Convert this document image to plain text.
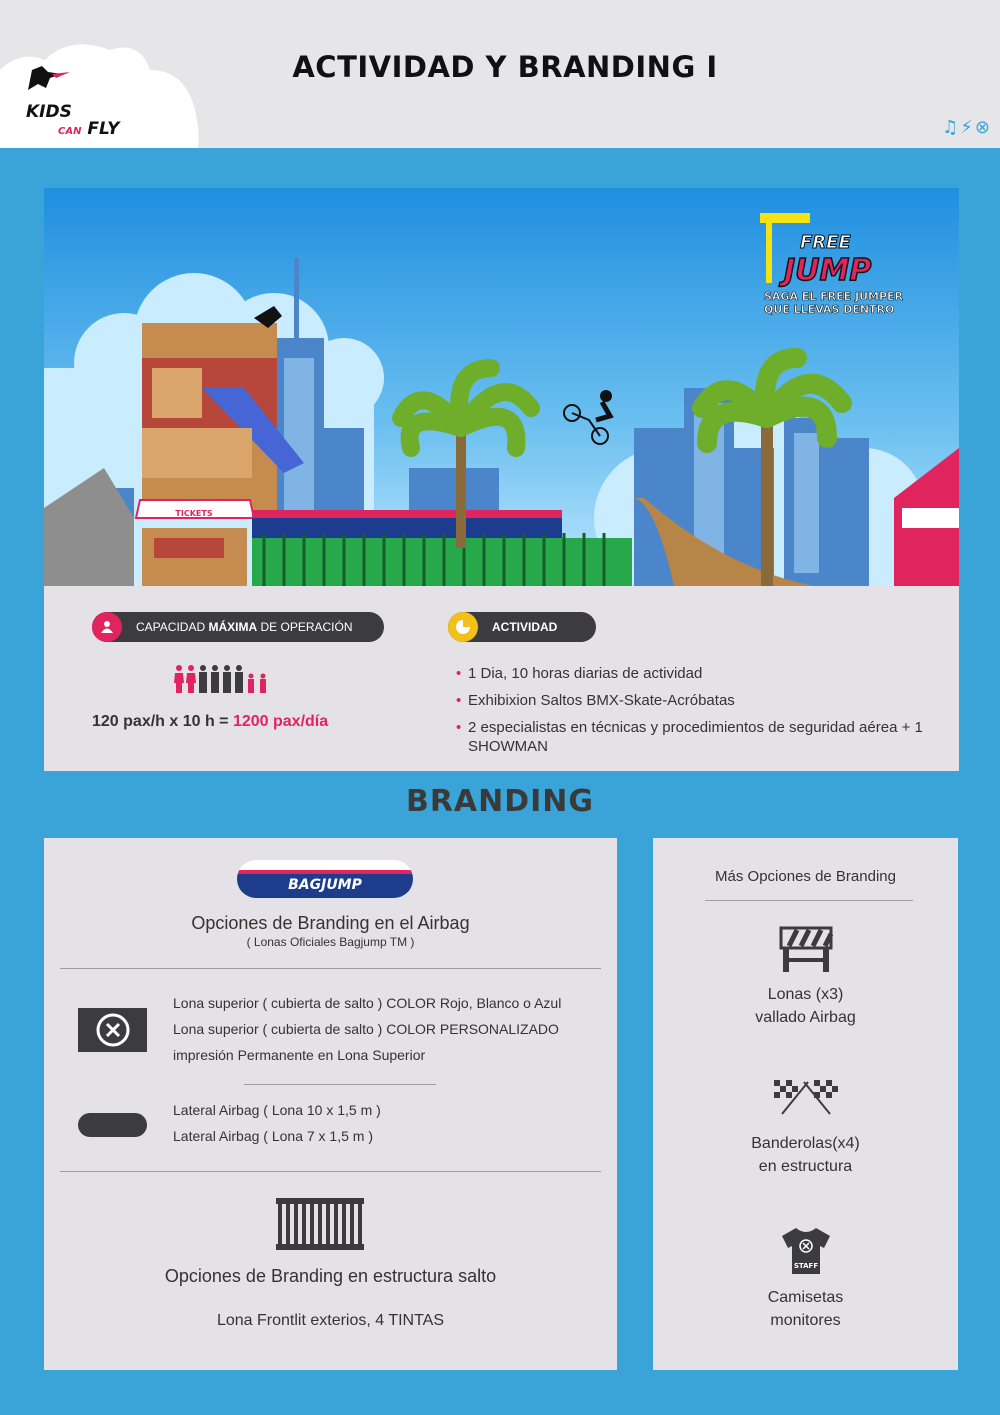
KIDS
CAN FLY
ACTIVIDAD Y BRANDING I
♫ ⚡ ⊗
TICKETS
FREE
JUMP
SAGA EL FREE JUMPER
QUE LLEVAS DENTRO
CAPACIDAD
MÁXIMA
DE OPERACIÓN	ACTIVIDAD
120 pax/h x 10 h = 1200 pax/día
• 1 Dia, 10 horas diarias de actividad
• Exhibixion Saltos BMX-Skate-Acróbatas
• 2 especialistas en técnicas y procedimientos de seguridad aérea + 1 SHOWMAN
BRANDING
BAGJUMP
Opciones de Branding en el Airbag
( Lonas Oficiales Bagjump TM )
Lona superior ( cubierta de salto ) COLOR Rojo, Blanco o Azul
Lona superior ( cubierta de salto ) COLOR PERSONALIZADO
impresión Permanente en Lona Superior
Lateral Airbag ( Lona 10 x 1,5 m )
Lateral Airbag ( Lona 7 x 1,5 m )
Opciones de Branding en estructura salto
Lona Frontlit exterios, 4 TINTAS
Más Opciones de Branding
Lonas (x3)
vallado Airbag
Banderolas(x4)
en estructura
STAFF
Camisetas
monitores
